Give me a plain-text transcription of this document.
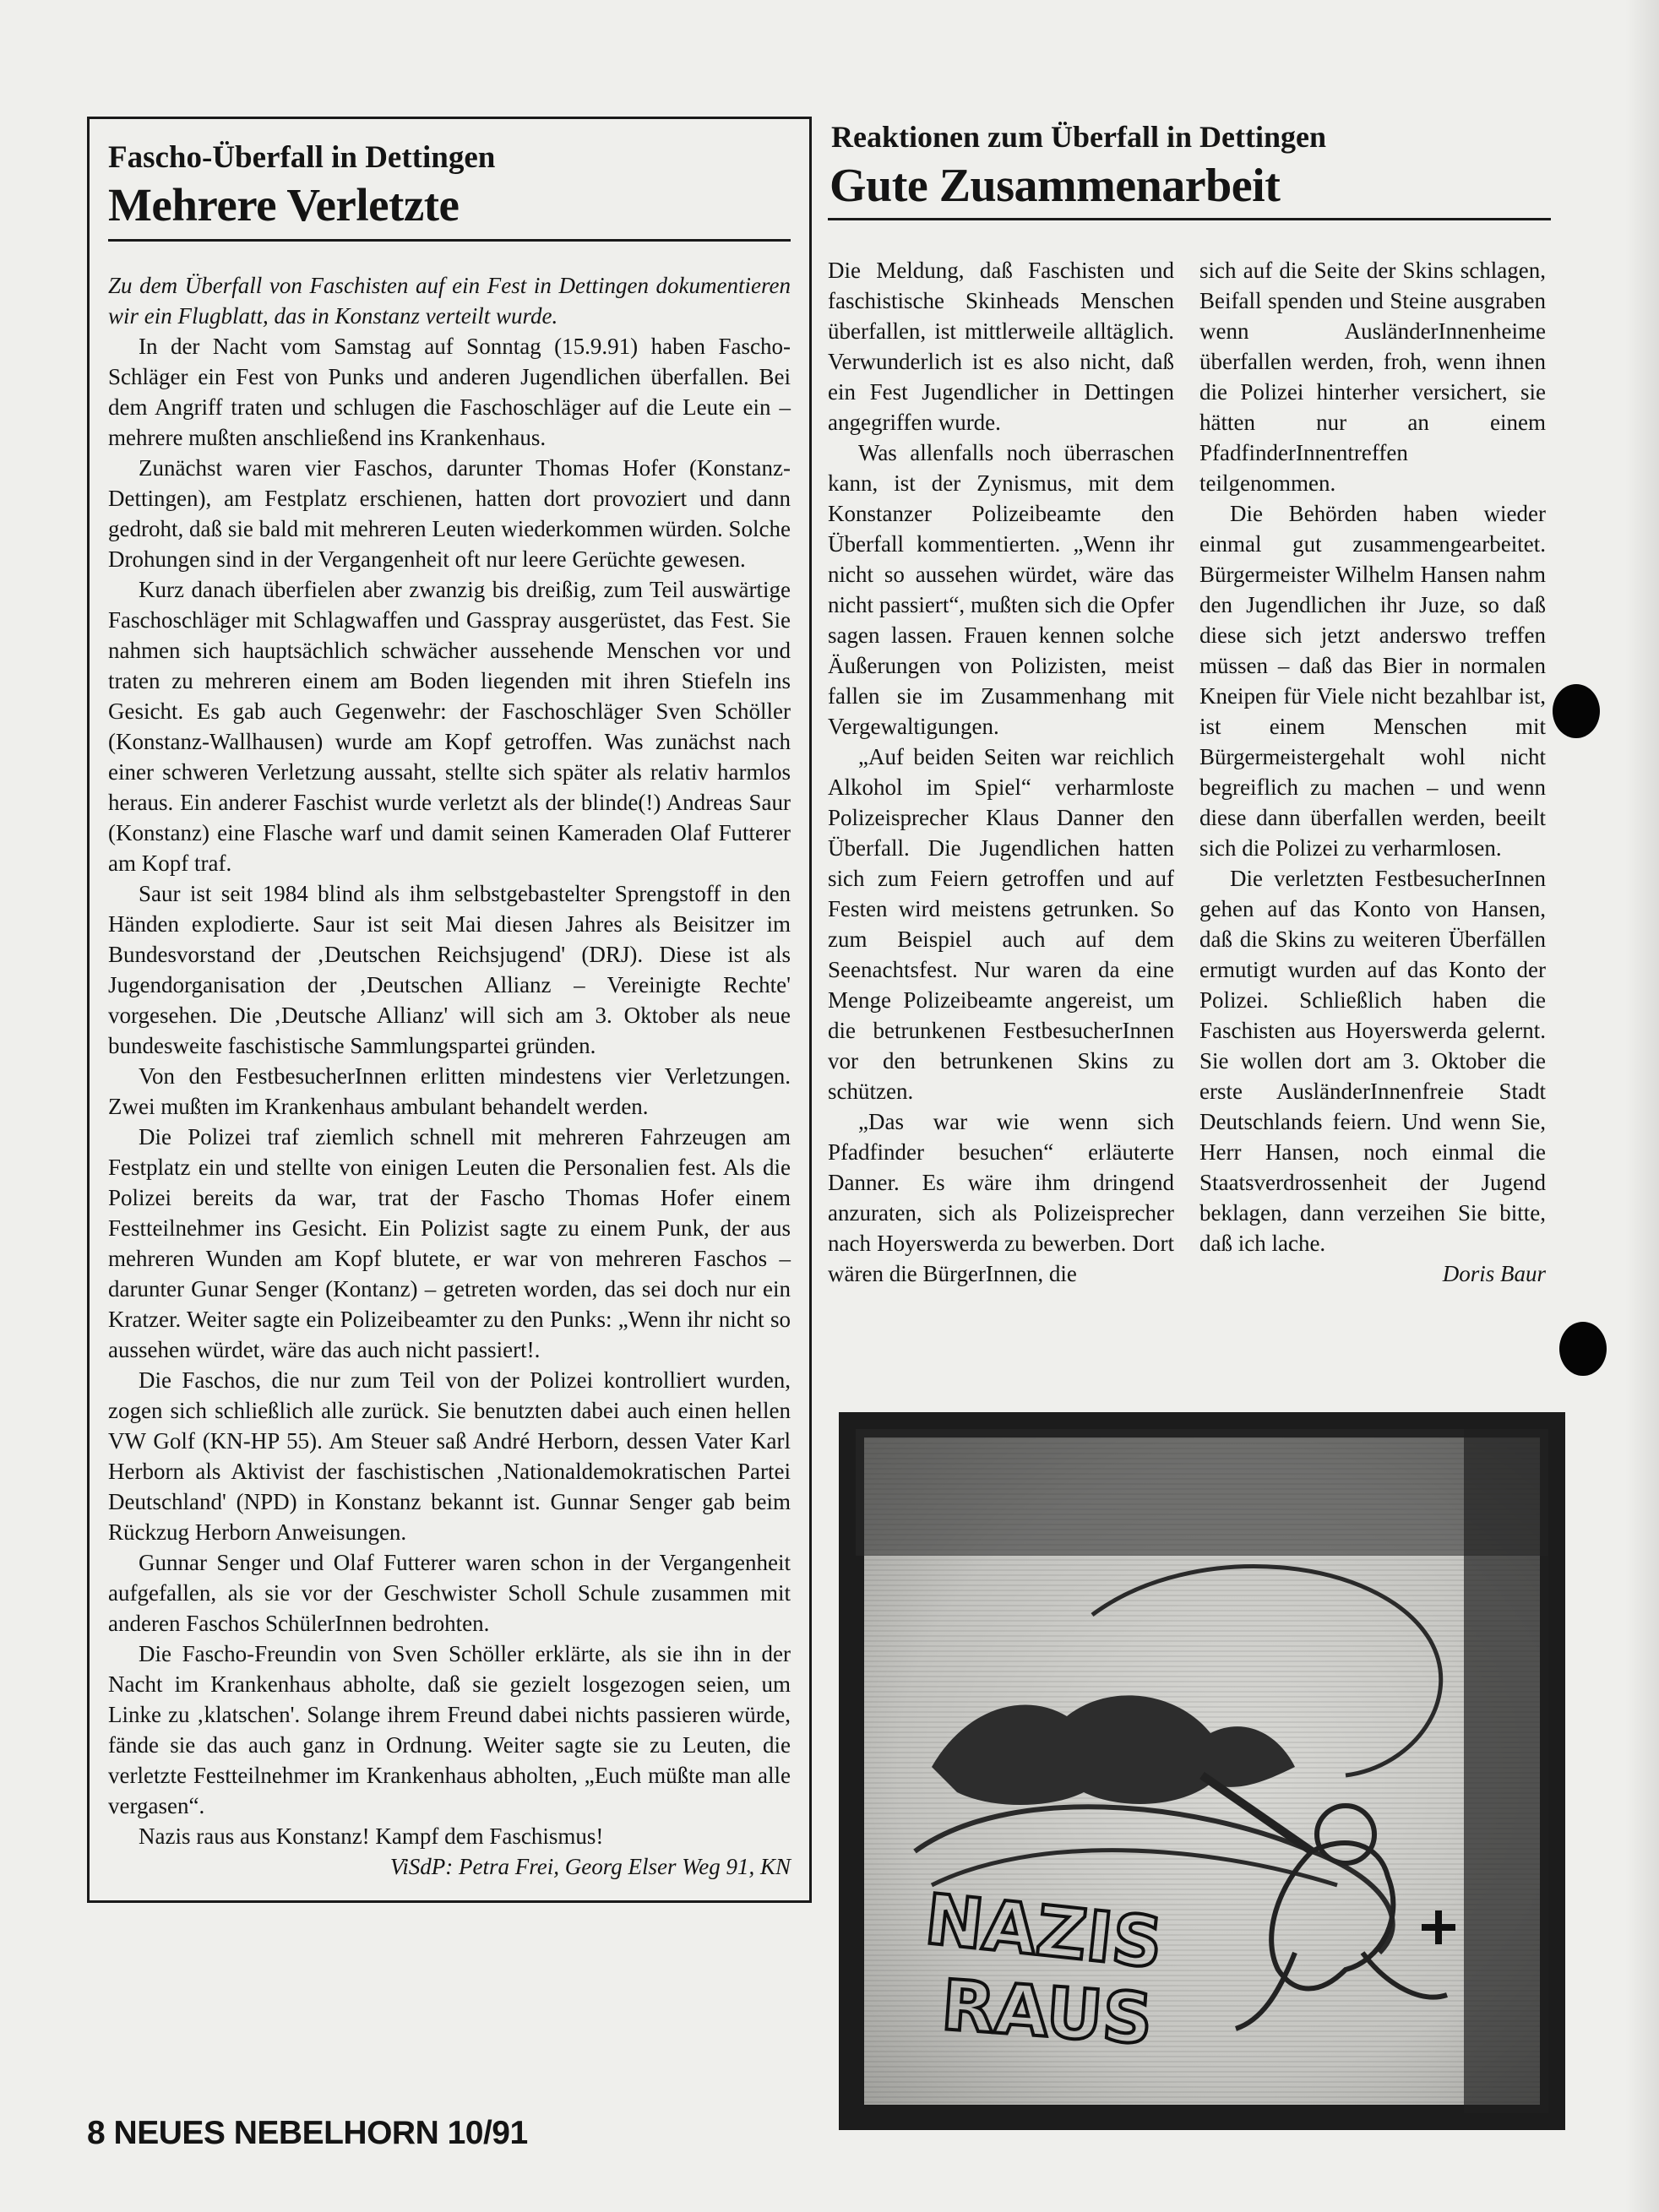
Fascho-Überfall in Dettingen
Mehrere Verletzte
Zu dem Überfall von Faschisten auf ein Fest in Dettingen dokumentieren wir ein Flugblatt, das in Konstanz verteilt wurde.
In der Nacht vom Samstag auf Sonntag (15.9.91) haben Fascho-Schläger ein Fest von Punks und anderen Jugendlichen überfallen. Bei dem Angriff traten und schlugen die Faschoschläger auf die Leute ein – mehrere mußten anschließend ins Krankenhaus.
Zunächst waren vier Faschos, darunter Thomas Hofer (Konstanz-Dettingen), am Festplatz erschienen, hatten dort provoziert und dann gedroht, daß sie bald mit mehreren Leuten wiederkommen würden. Solche Drohungen sind in der Vergangenheit oft nur leere Gerüchte gewesen.
Kurz danach überfielen aber zwanzig bis dreißig, zum Teil auswärtige Faschoschläger mit Schlagwaffen und Gasspray ausgerüstet, das Fest. Sie nahmen sich hauptsächlich schwächer aussehende Menschen vor und traten zu mehreren einem am Boden liegenden mit ihren Stiefeln ins Gesicht. Es gab auch Gegenwehr: der Faschoschläger Sven Schöller (Konstanz-Wallhausen) wurde am Kopf getroffen. Was zunächst nach einer schweren Verletzung aussaht, stellte sich später als relativ harmlos heraus. Ein anderer Faschist wurde verletzt als der blinde(!) Andreas Saur (Konstanz) eine Flasche warf und damit seinen Kameraden Olaf Futterer am Kopf traf.
Saur ist seit 1984 blind als ihm selbstgebastelter Sprengstoff in den Händen explodierte. Saur ist seit Mai diesen Jahres als Beisitzer im Bundesvorstand der ‚Deutschen Reichsjugend' (DRJ). Diese ist als Jugendorganisation der ‚Deutschen Allianz – Vereinigte Rechte' vorgesehen. Die ‚Deutsche Allianz' will sich am 3. Oktober als neue bundesweite faschistische Sammlungspartei gründen.
Von den FestbesucherInnen erlitten mindestens vier Verletzungen. Zwei mußten im Krankenhaus ambulant behandelt werden.
Die Polizei traf ziemlich schnell mit mehreren Fahrzeugen am Festplatz ein und stellte von einigen Leuten die Personalien fest. Als die Polizei bereits da war, trat der Fascho Thomas Hofer einem Festteilnehmer ins Gesicht. Ein Polizist sagte zu einem Punk, der aus mehreren Wunden am Kopf blutete, er war von mehreren Faschos – darunter Gunar Senger (Kontanz) – getreten worden, das sei doch nur ein Kratzer. Weiter sagte ein Polizeibeamter zu den Punks: „Wenn ihr nicht so aussehen würdet, wäre das auch nicht passiert!.
Die Faschos, die nur zum Teil von der Polizei kontrolliert wurden, zogen sich schließlich alle zurück. Sie benutzten dabei auch einen hellen VW Golf (KN-HP 55). Am Steuer saß André Herborn, dessen Vater Karl Herborn als Aktivist der faschistischen ‚Nationaldemokratischen Partei Deutschland' (NPD) in Konstanz bekannt ist. Gunnar Senger gab beim Rückzug Herborn Anweisungen.
Gunnar Senger und Olaf Futterer waren schon in der Vergangenheit aufgefallen, als sie vor der Geschwister Scholl Schule zusammen mit anderen Faschos SchülerInnen bedrohten.
Die Fascho-Freundin von Sven Schöller erklärte, als sie ihn in der Nacht im Krankenhaus abholte, daß sie gezielt losgezogen seien, um Linke zu ‚klatschen'. Solange ihrem Freund dabei nichts passieren würde, fände sie das auch ganz in Ordnung. Weiter sagte sie zu Leuten, die verletzte Festteilnehmer im Krankenhaus abholten, „Euch müßte man alle vergasen“.
Nazis raus aus Konstanz! Kampf dem Faschismus!
ViSdP: Petra Frei, Georg Elser Weg 91, KN
Reaktionen zum Überfall in Dettingen
Gute Zusammenarbeit

Die Meldung, daß Faschisten und faschistische Skinheads Menschen überfallen, ist mittlerweile alltäglich. Verwunderlich ist es also nicht, daß ein Fest Jugendlicher in Dettingen angegriffen wurde.

Was allenfalls noch überraschen kann, ist der Zynismus, mit dem Konstanzer Polizeibeamte den Überfall kommentierten. „Wenn ihr nicht so aussehen würdet, wäre das nicht passiert“, mußten sich die Opfer sagen lassen. Frauen kennen solche Äußerungen von Polizisten, meist fallen sie im Zusammenhang mit Vergewaltigungen.

„Auf beiden Seiten war reichlich Alkohol im Spiel“ verharmloste Polizeisprecher Klaus Danner den Überfall. Die Jugendlichen hatten sich zum Feiern getroffen und auf Festen wird meistens getrunken. So zum Beispiel auch auf dem Seenachtsfest. Nur waren da eine Menge Polizeibeamte angereist, um die betrunkenen FestbesucherInnen vor den betrunkenen Skins zu schützen.

„Das war wie wenn sich Pfadfinder besuchen“ erläuterte Danner. Es wäre ihm dringend anzuraten, sich als Polizeisprecher nach Hoyerswerda zu bewerben. Dort wären die BürgerInnen, die

sich auf die Seite der Skins schlagen, Beifall spenden und Steine ausgraben wenn AusländerInnenheime überfallen werden, froh, wenn ihnen die Polizei hinterher versichert, sie hätten nur an einem PfadfinderInnentreffen teilgenommen.

Die Behörden haben wieder einmal gut zusammengearbeitet. Bürgermeister Wilhelm Hansen nahm den Jugendlichen ihr Juze, so daß diese sich jetzt anderswo treffen müssen – daß das Bier in normalen Kneipen für Viele nicht bezahlbar ist, ist einem Menschen mit Bürgermeistergehalt wohl nicht begreiflich zu machen – und wenn diese dann überfallen werden, beeilt sich die Polizei zu verharmlosen.

Die verletzten FestbesucherInnen gehen auf das Konto von Hansen, daß die Skins zu weiteren Überfällen ermutigt wurden auf das Konto der Polizei. Schließlich haben die Faschisten aus Hoyerswerda gelernt. Sie wollen dort am 3. Oktober die erste AusländerInnenfreie Stadt Deutschlands feiern. Und wenn Sie, Herr Hansen, noch einmal die Staatsverdrossenheit der Jugend beklagen, dann verzeihen Sie bitte, daß ich lache.

Doris Baur
NAZIS
RAUS
8 NEUES NEBELHORN 10/91
